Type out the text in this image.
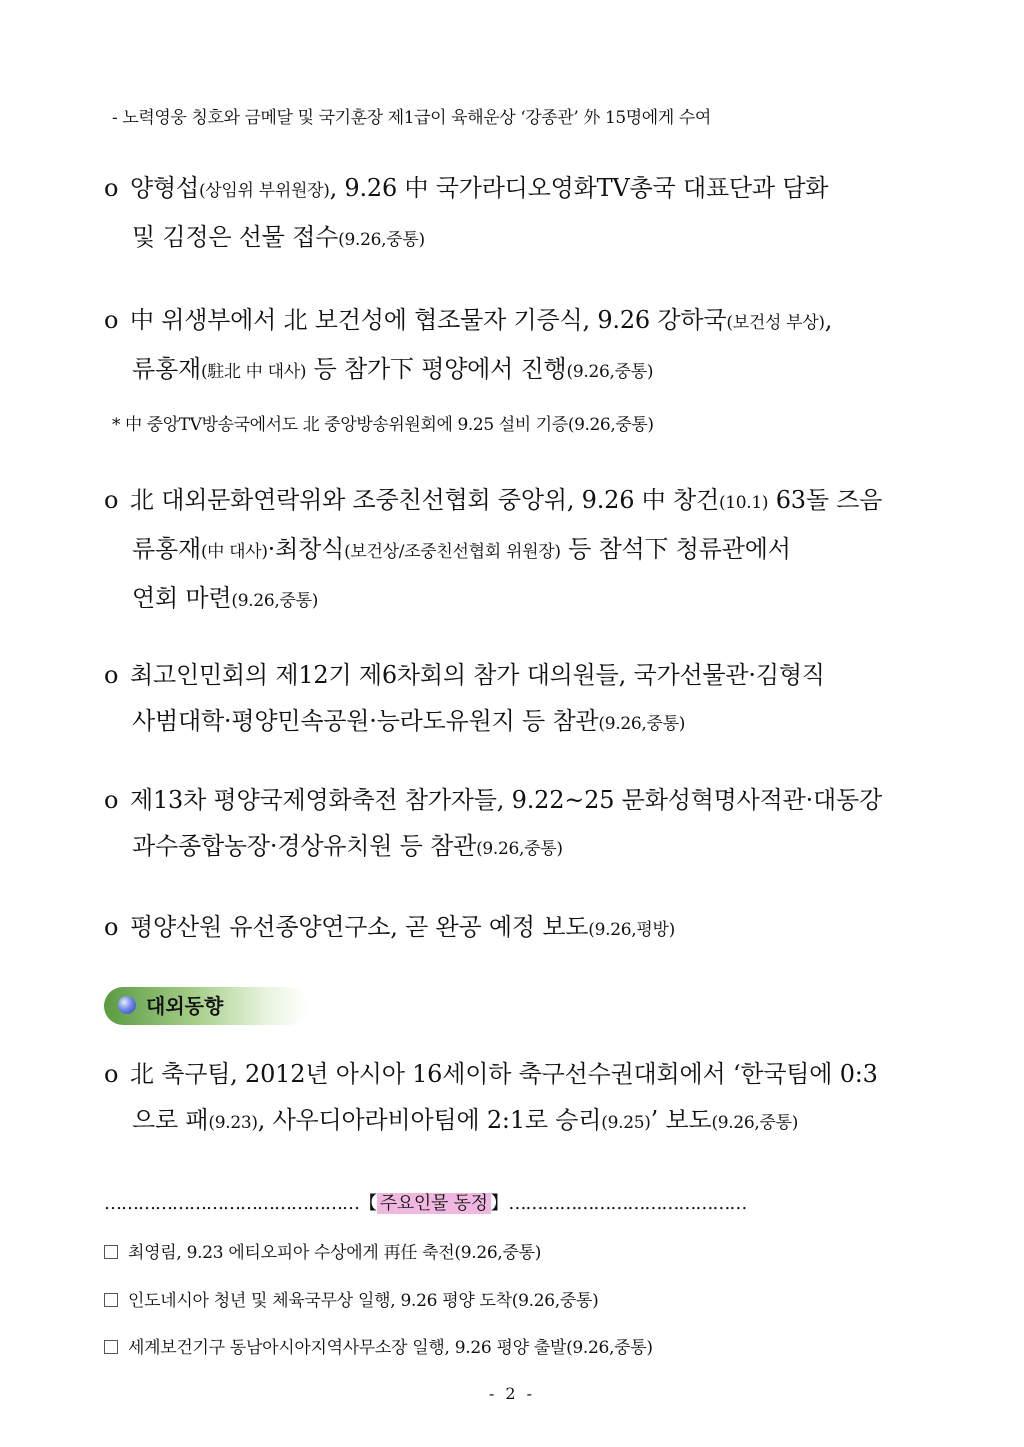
- 노력영웅 칭호와 금메달 및 국기훈장 제1급이 육해운상 ‘강종관’ 外 15명에게 수여
o 양형섭(상임위 부위원장), 9.26 中 국가라디오영화TV총국 대표단과 담화
및 김정은 선물 접수(9.26,중통)
o 中 위생부에서 北 보건성에 협조물자 기증식, 9.26 강하국(보건성 부상),
류홍재(駐北 中 대사) 등 참가下 평양에서 진행(9.26,중통)
* 中 중앙TV방송국에서도 北 중앙방송위원회에 9.25 설비 기증(9.26,중통)
o 北 대외문화연락위와 조중친선협회 중앙위, 9.26 中 창건(10.1) 63돌 즈음
류홍재(中 대사)·최창식(보건상/조중친선협회 위원장) 등 참석下 청류관에서
연회 마련(9.26,중통)
o 최고인민회의 제12기 제6차회의 참가 대의원들, 국가선물관·김형직
사범대학·평양민속공원·능라도유원지 등 참관(9.26,중통)
o 제13차 평양국제영화축전 참가자들, 9.22~25 문화성혁명사적관·대동강
과수종합농장·경상유치원 등 참관(9.26,중통)
o 평양산원 유선종양연구소, 곧 완공 예정 보도(9.26,평방)
대외동향
o 北 축구팀, 2012년 아시아 16세이하 축구선수권대회에서 ‘한국팀에 0:3
으로 패(9.23), 사우디아라비아팀에 2:1로 승리(9.25)’ 보도(9.26,중통)
………………………………………【 주요인물 동정 】……………………………………
최영림, 9.23 에티오피아 수상에게 再任 축전(9.26,중통)
인도네시아 청년 및 체육국무상 일행, 9.26 평양 도착(9.26,중통)
세계보건기구 동남아시아지역사무소장 일행, 9.26 평양 출발(9.26,중통)
- 2 -
